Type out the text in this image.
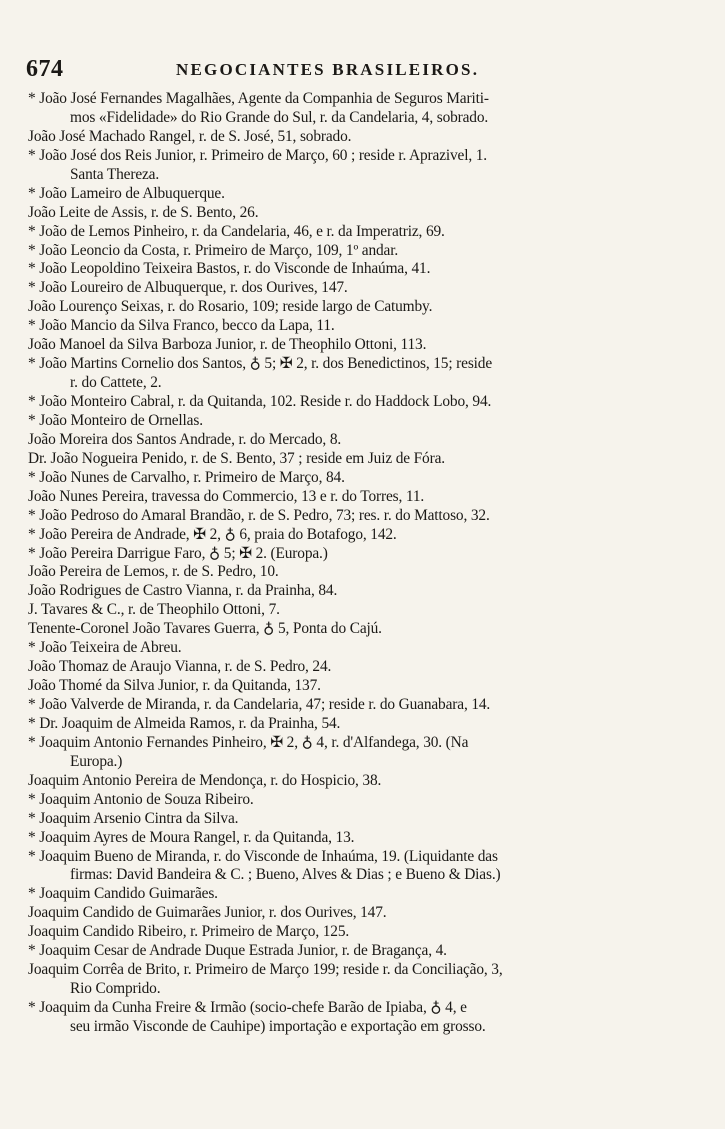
674	NEGOCIANTES BRASILEIROS.
* João José Fernandes Magalhães, Agente da Companhia de Seguros Mariti-
mos «Fidelidade» do Rio Grande do Sul, r. da Candelaria, 4, sobrado.
João José Machado Rangel, r. de S. José, 51, sobrado.
* João José dos Reis Junior, r. Primeiro de Março, 60 ; reside r. Aprazivel, 1.
Santa Thereza.
* João Lameiro de Albuquerque.
João Leite de Assis, r. de S. Bento, 26.
* João de Lemos Pinheiro, r. da Candelaria, 46, e r. da Imperatriz, 69.
* João Leoncio da Costa, r. Primeiro de Março, 109, 1º andar.
* João Leopoldino Teixeira Bastos, r. do Visconde de Inhaúma, 41.
* João Loureiro de Albuquerque, r. dos Ourives, 147.
João Lourenço Seixas, r. do Rosario, 109; reside largo de Catumby.
* João Mancio da Silva Franco, becco da Lapa, 11.
João Manoel da Silva Barboza Junior, r. de Theophilo Ottoni, 113.
* João Martins Cornelio dos Santos, ♁ 5; ✠ 2, r. dos Benedictinos, 15; reside
r. do Cattete, 2.
* João Monteiro Cabral, r. da Quitanda, 102. Reside r. do Haddock Lobo, 94.
* João Monteiro de Ornellas.
João Moreira dos Santos Andrade, r. do Mercado, 8.
Dr. João Nogueira Penido, r. de S. Bento, 37 ; reside em Juiz de Fóra.
* João Nunes de Carvalho, r. Primeiro de Março, 84.
João Nunes Pereira, travessa do Commercio, 13 e r. do Torres, 11.
* João Pedroso do Amaral Brandão, r. de S. Pedro, 73; res. r. do Mattoso, 32.
* João Pereira de Andrade, ✠ 2, ♁ 6, praia do Botafogo, 142.
* João Pereira Darrigue Faro, ♁ 5; ✠ 2. (Europa.)
João Pereira de Lemos, r. de S. Pedro, 10.
João Rodrigues de Castro Vianna, r. da Prainha, 84.
J. Tavares & C., r. de Theophilo Ottoni, 7.
Tenente-Coronel João Tavares Guerra, ♁ 5, Ponta do Cajú.
* João Teixeira de Abreu.
João Thomaz de Araujo Vianna, r. de S. Pedro, 24.
João Thomé da Silva Junior, r. da Quitanda, 137.
* João Valverde de Miranda, r. da Candelaria, 47; reside r. do Guanabara, 14.
* Dr. Joaquim de Almeida Ramos, r. da Prainha, 54.
* Joaquim Antonio Fernandes Pinheiro, ✠ 2, ♁ 4, r. d'Alfandega, 30. (Na
Europa.)
Joaquim Antonio Pereira de Mendonça, r. do Hospicio, 38.
* Joaquim Antonio de Souza Ribeiro.
* Joaquim Arsenio Cintra da Silva.
* Joaquim Ayres de Moura Rangel, r. da Quitanda, 13.
* Joaquim Bueno de Miranda, r. do Visconde de Inhaúma, 19. (Liquidante das
firmas: David Bandeira & C. ; Bueno, Alves & Dias ; e Bueno & Dias.)
* Joaquim Candido Guimarães.
Joaquim Candido de Guimarães Junior, r. dos Ourives, 147.
Joaquim Candido Ribeiro, r. Primeiro de Março, 125.
* Joaquim Cesar de Andrade Duque Estrada Junior, r. de Bragança, 4.
Joaquim Corrêa de Brito, r. Primeiro de Março 199; reside r. da Conciliação, 3,
Rio Comprido.
* Joaquim da Cunha Freire & Irmão (socio-chefe Barão de Ipiaba, ♁ 4, e
seu irmão Visconde de Cauhipe) importação e exportação em grosso.
